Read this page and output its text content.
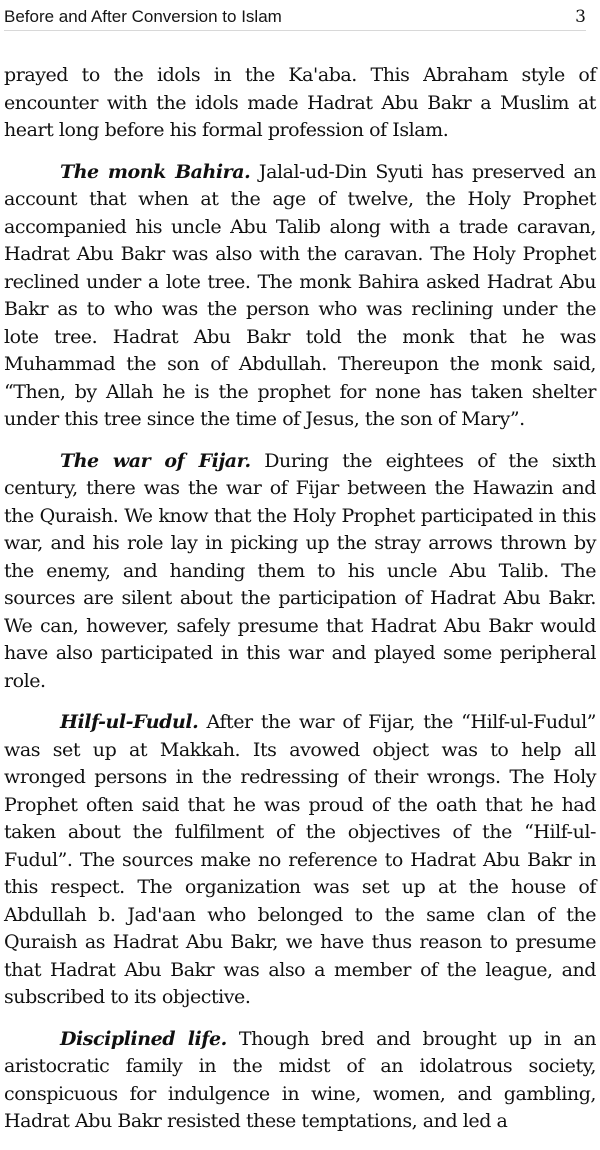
Before and After Conversion to Islam	3

prayed to the idols in the Ka'aba. This Abraham style of encounter with the idols made Hadrat Abu Bakr a Muslim at heart long before his formal profession of Islam.

The monk Bahira. Jalal-ud-Din Syuti has preserved an account that when at the age of twelve, the Holy Prophet accompanied his uncle Abu Talib along with a trade caravan, Hadrat Abu Bakr was also with the caravan. The Holy Prophet reclined under a lote tree. The monk Bahira asked Hadrat Abu Bakr as to who was the person who was reclining under the lote tree. Hadrat Abu Bakr told the monk that he was Muhammad the son of Abdullah. Thereupon the monk said, “Then, by Allah he is the prophet for none has taken shelter under this tree since the time of Jesus, the son of Mary”.

The war of Fijar. During the eightees of the sixth century, there was the war of Fijar between the Hawazin and the Quraish. We know that the Holy Prophet participated in this war, and his role lay in picking up the stray arrows thrown by the enemy, and handing them to his uncle Abu Talib. The sources are silent about the participation of Hadrat Abu Bakr. We can, however, safely presume that Hadrat Abu Bakr would have also participated in this war and played some peripheral role.

Hilf-ul-Fudul. After the war of Fijar, the “Hilf-ul-Fudul” was set up at Makkah. Its avowed object was to help all wronged persons in the redressing of their wrongs. The Holy Prophet often said that he was proud of the oath that he had taken about the fulfilment of the objectives of the “Hilf-ul-Fudul”. The sources make no reference to Hadrat Abu Bakr in this respect. The organization was set up at the house of Abdullah b. Jad'aan who belonged to the same clan of the Quraish as Hadrat Abu Bakr, we have thus reason to presume that Hadrat Abu Bakr was also a member of the league, and subscribed to its objective.

Disciplined life. Though bred and brought up in an aristocratic family in the midst of an idolatrous society, conspicuous for indulgence in wine, women, and gambling, Hadrat Abu Bakr resisted these temptations, and led a
